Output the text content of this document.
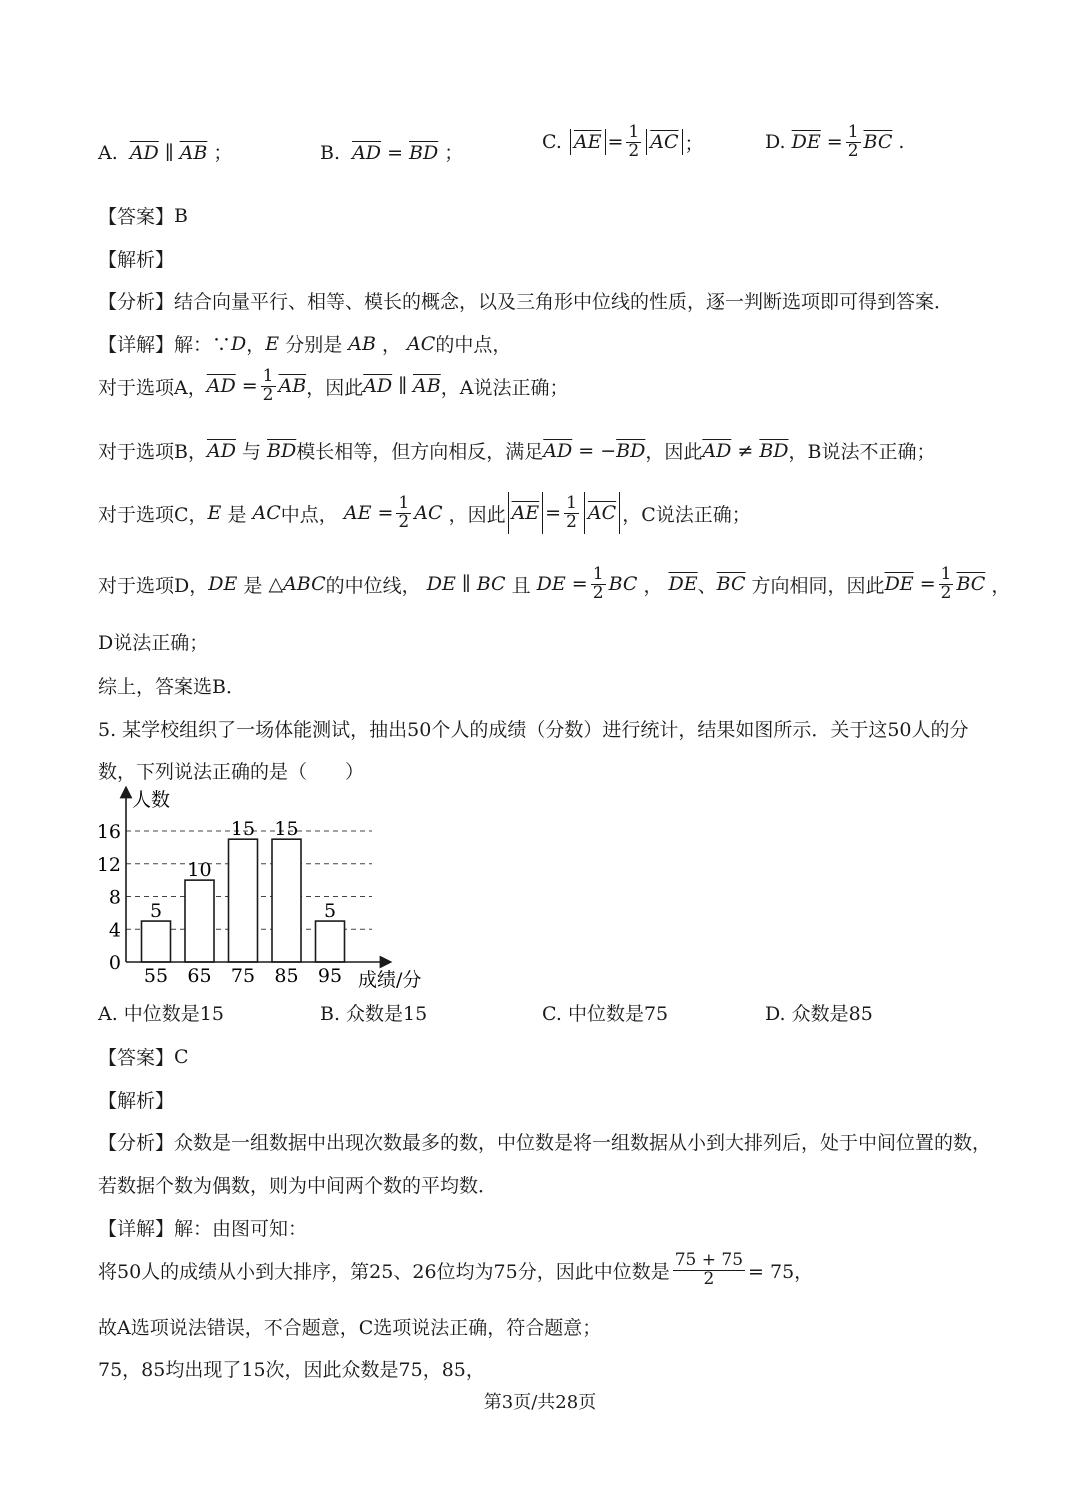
A. $\overline{AD}$ ∥ $\overline{AB}$ ；	B. $\overline{AD} = \overline{BD}$ ；	C. $\overline{AE} = \frac{1}{2} \overline{AC}$ ；	D. $\overline{DE} = \frac{1}{2} \overline{BC}$ .
【答案】 B
【解析】
【分析】 结合向量平行、相等、模长的概念，以及三角形中位线的性质，逐一判断选项即可得到答案．
【详解】 解：∵ D ， E
分别是
AB ， AC 的中点，
对于选项A， $\overline{AD} = \frac{1}{2} \overline{AB}$ ，因此 $\overline{AD}$ ∥ $\overline{AB}$ ，A说法正确；
对于选项B， $\overline{AD}$
与
$\overline{BD}$ 模长相等，但方向相反，满足 $\overline{AD}$ = − $\overline{BD}$ ，因此 $\overline{AD} \ne \overline{BD}$ ，B说法不正确；
对于选项C， E
是
AC 中点，
AE = $\frac{1}{2}$ AC
，因此 $\overline{AE} = \frac{1}{2} \overline{AC}$ ，C说法正确；
对于选项D， DE
是
△ ABC 的中位线，
DE ∥ BC
且
DE = $\frac{1}{2}$ BC ， $\overline{DE}$ 、 $\overline{BC}$
方向相同，因此 $\overline{DE} = \frac{1}{2} \overline{BC}$ ，
D说法正确；
综上，答案选B．
5. 某学校组织了一场体能测试，抽出50个人的成绩（分数）进行统计，结果如图所示．关于这50人的分
数，下列说法正确的是（　　）
5
10
15 15
5
0
4
8
12
16
55 65 75 85 95
人数
成绩/分
A. 中位数是15	B. 众数是15	C. 中位数是75	D. 众数是85
【答案】 C
【解析】
【分析】 众数是一组数据中出现次数最多的数，中位数是将一组数据从小到大排列后，处于中间位置的数，
若数据个数为偶数，则为中间两个数的平均数．
【详解】 解：由图可知：
将50人的成绩从小到大排序，第25、26位均为75分，因此中位数是 $\frac{75 + 75}{2} = 75$，
故A选项说法错误，不合题意，C选项说法正确，符合题意；
75，85均出现了15次，因此众数是75，85，
第3页/共28页
